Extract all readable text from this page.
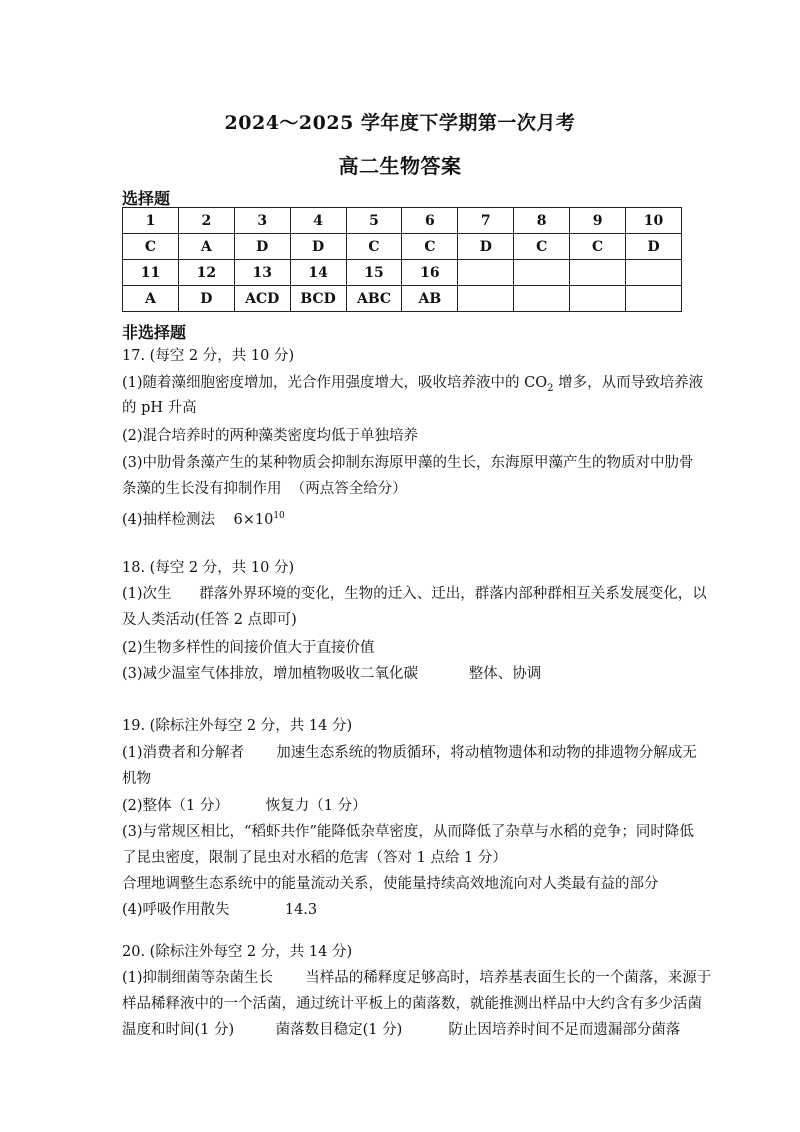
2024～2025 学年度下学期第一次月考
高二生物答案
选择题
1	2	3	4	5	6	7	8	9	10
C	A	D	D	C	C	D	C	C	D
11	12	13	14	15	16				
A	D	ACD	BCD	ABC	AB				
非选择题
17. (每空 2 分，共 10 分)
(1)随着藻细胞密度增加，光合作用强度增大，吸收培养液中的 $CO_2$ 增多，从而导致培养液
的 pH 升高
(2)混合培养时的两种藻类密度均低于单独培养
(3)中肋骨条藻产生的某种物质会抑制东海原甲藻的生长，东海原甲藻产生的物质对中肋骨
条藻的生长没有抑制作用  （两点答全给分）
(4)抽样检测法    $6\times 10^{10}$
18. (每空 2 分，共 10 分)
(1)次生      群落外界环境的变化，生物的迁入、迁出，群落内部种群相互关系发展变化，以
及人类活动(任答 2 点即可)
(2)生物多样性的间接价值大于直接价值
(3)减少温室气体排放，增加植物吸收二氧化碳           整体、协调
19. (除标注外每空 2 分，共 14 分)
(1)消费者和分解者       加速生态系统的物质循环，将动植物遗体和动物的排遗物分解成无
机物
(2)整体（1 分）        恢复力（1 分）
(3)与常规区相比，“稻虾共作”能降低杂草密度，从而降低了杂草与水稻的竞争；同时降低
了昆虫密度，限制了昆虫对水稻的危害（答对 1 点给 1 分）
合理地调整生态系统中的能量流动关系，使能量持续高效地流向对人类最有益的部分
(4)呼吸作用散失            14.3
20. (除标注外每空 2 分，共 14 分)
(1)抑制细菌等杂菌生长       当样品的稀释度足够高时，培养基表面生长的一个菌落，来源于
样品稀释液中的一个活菌，通过统计平板上的菌落数，就能推测出样品中大约含有多少活菌
温度和时间(1 分)         菌落数目稳定(1 分)          防止因培养时间不足而遗漏部分菌落
